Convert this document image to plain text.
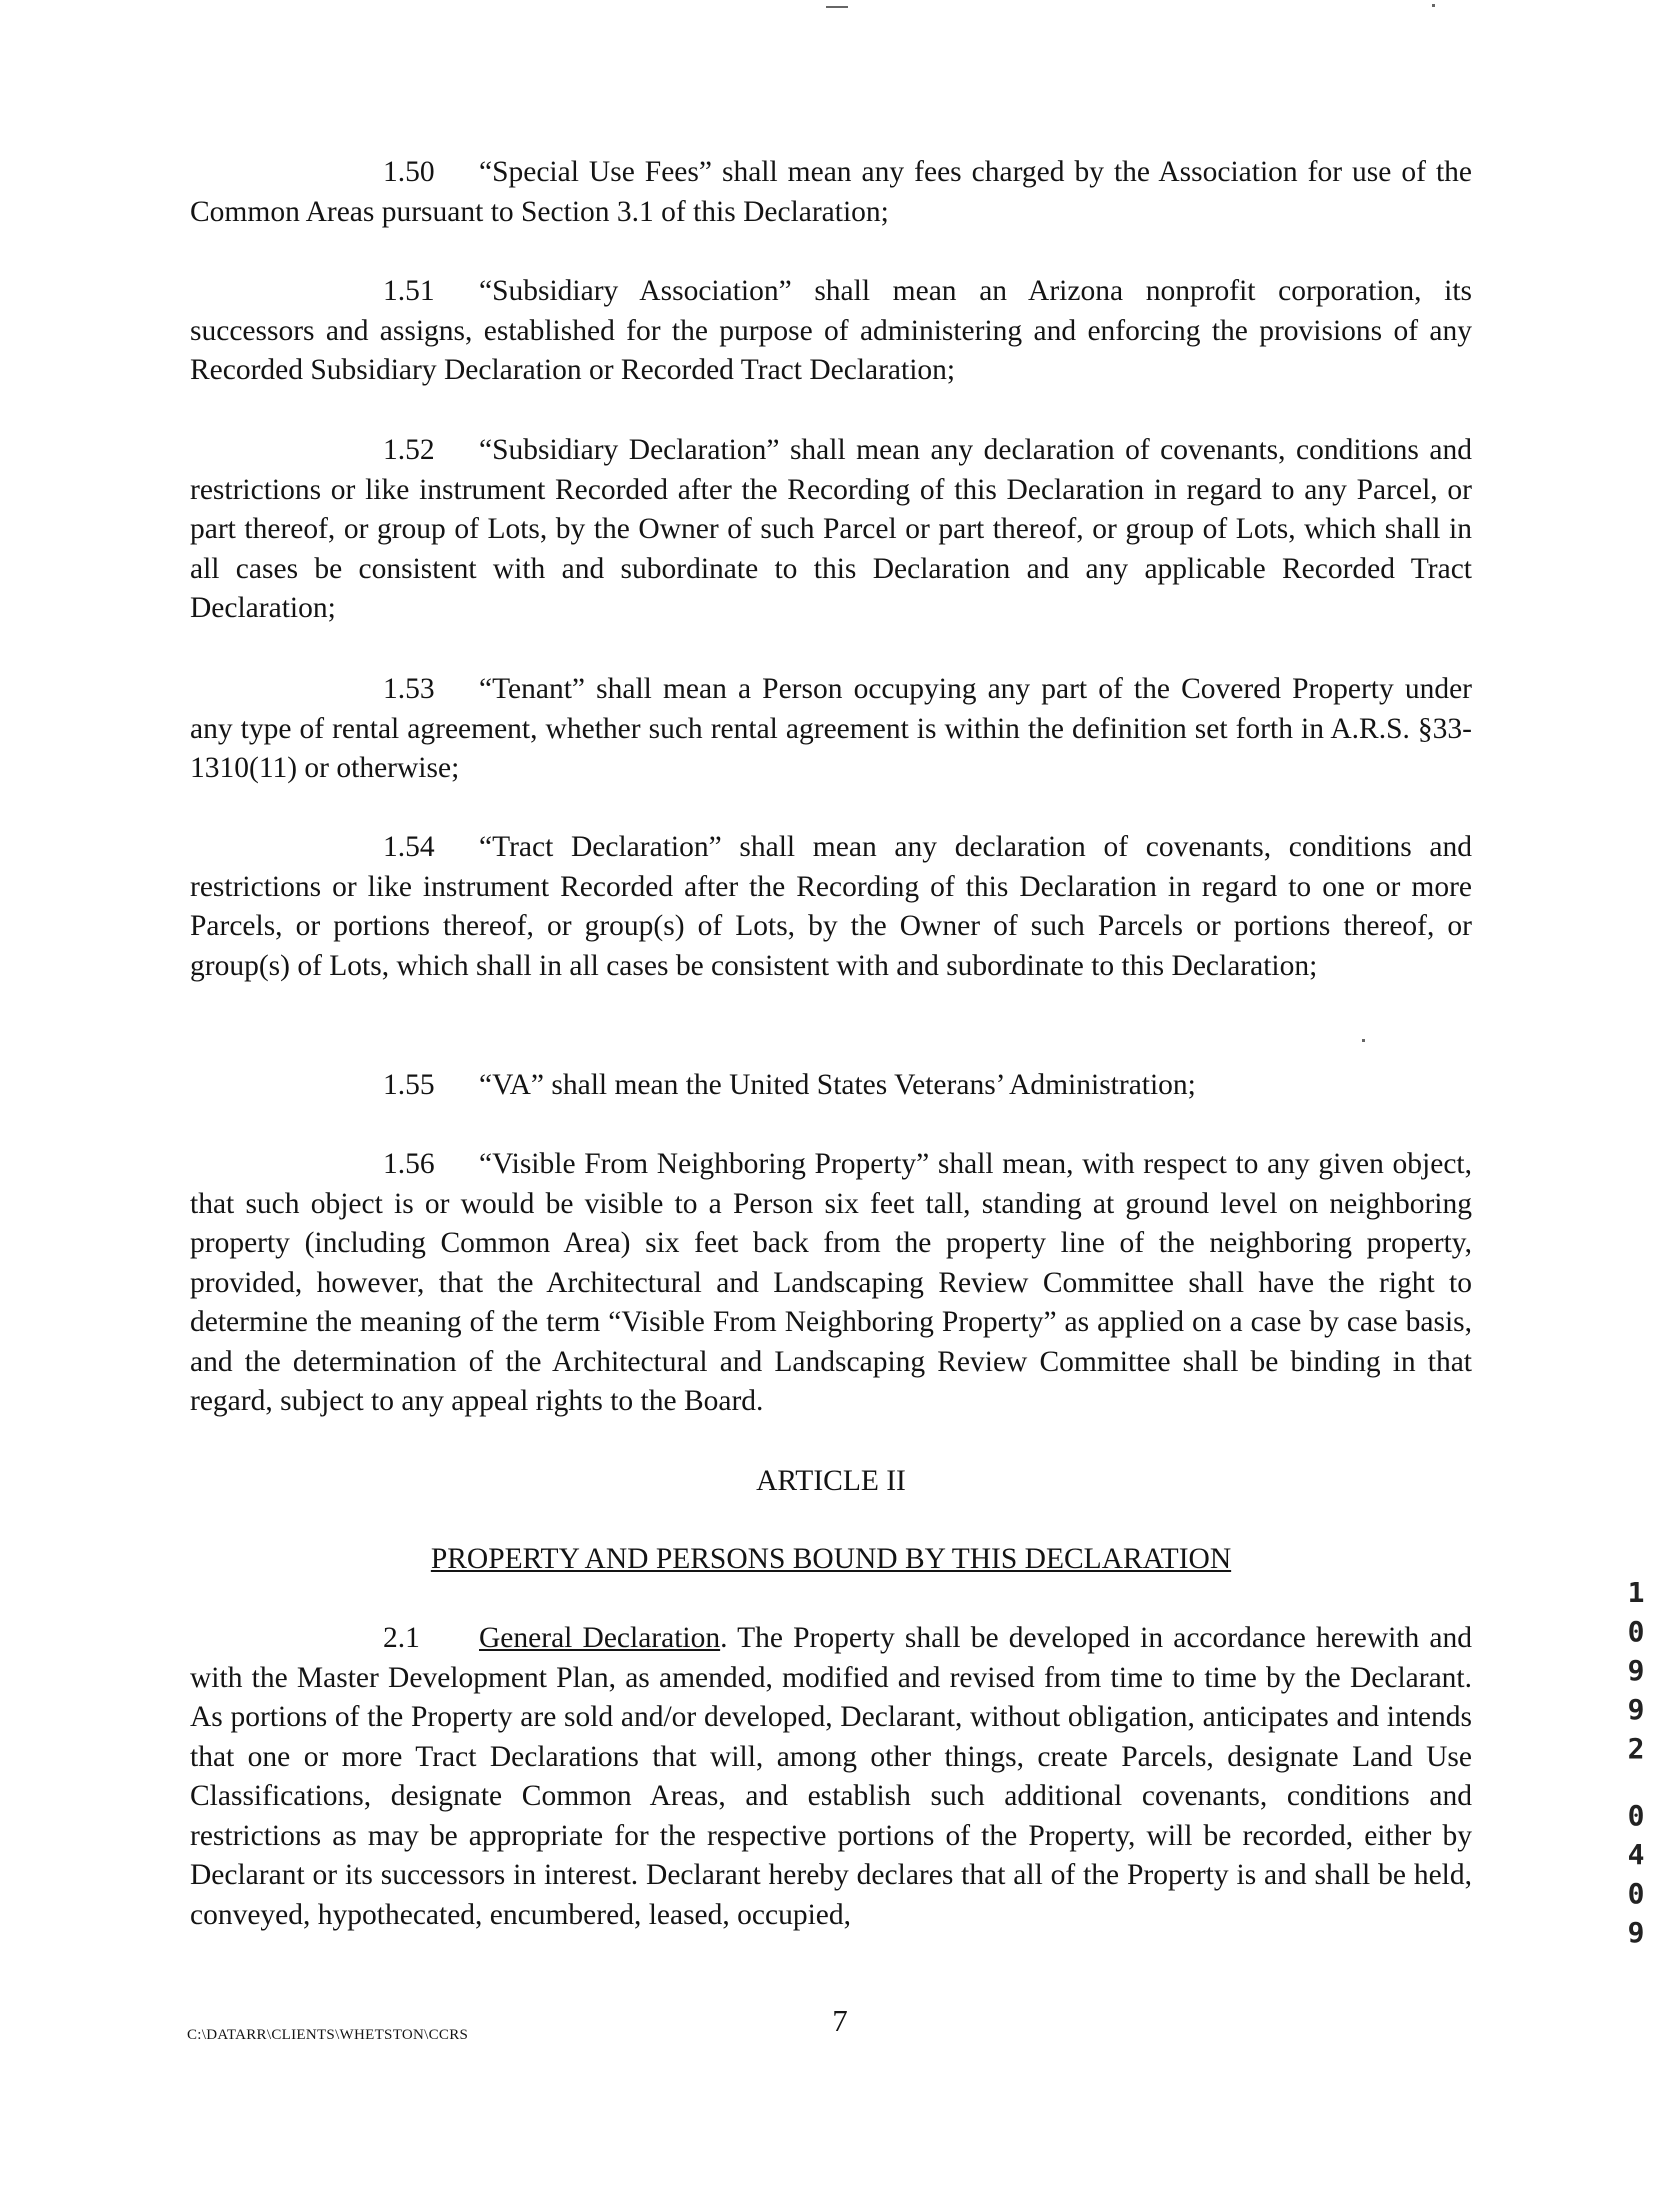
1.50 “Special Use Fees” shall mean any fees charged by the Association for use of the Common Areas pursuant to Section 3.1 of this Declaration;
1.51 “Subsidiary Association” shall mean an Arizona nonprofit corporation, its successors and assigns, established for the purpose of administering and enforcing the provisions of any Recorded Subsidiary Declaration or Recorded Tract Declaration;
1.52 “Subsidiary Declaration” shall mean any declaration of covenants, conditions and restrictions or like instrument Recorded after the Recording of this Declaration in regard to any Parcel, or part thereof, or group of Lots, by the Owner of such Parcel or part thereof, or group of Lots, which shall in all cases be consistent with and subordinate to this Declaration and any applicable Recorded Tract Declaration;
1.53 “Tenant” shall mean a Person occupying any part of the Covered Property under any type of rental agreement, whether such rental agreement is within the definition set forth in A.R.S. §33-1310(11) or otherwise;
1.54 “Tract Declaration” shall mean any declaration of covenants, conditions and restrictions or like instrument Recorded after the Recording of this Declaration in regard to one or more Parcels, or portions thereof, or group(s) of Lots, by the Owner of such Parcels or portions thereof, or group(s) of Lots, which shall in all cases be consistent with and subordinate to this Declaration;
1.55 “VA” shall mean the United States Veterans’ Administration;
1.56 “Visible From Neighboring Property” shall mean, with respect to any given object, that such object is or would be visible to a Person six feet tall, standing at ground level on neighboring property (including Common Area) six feet back from the property line of the neighboring property, provided, however, that the Architectural and Landscaping Review Committee shall have the right to determine the meaning of the term “Visible From Neighboring Property” as applied on a case by case basis, and the determination of the Architectural and Landscaping Review Committee shall be binding in that regard, subject to any appeal rights to the Board.
ARTICLE II
PROPERTY AND PERSONS BOUND BY THIS DECLARATION
2.1 General Declaration. The Property shall be developed in accordance herewith and with the Master Development Plan, as amended, modified and revised from time to time by the Declarant. As portions of the Property are sold and/or developed, Declarant, without obligation, anticipates and intends that one or more Tract Declarations that will, among other things, create Parcels, designate Land Use Classifications, designate Common Areas, and establish such additional covenants, conditions and restrictions as may be appropriate for the respective portions of the Property, will be recorded, either by Declarant or its successors in interest. Declarant hereby declares that all of the Property is and shall be held, conveyed, hypothecated, encumbered, leased, occupied,
1
0
9
9
2
0
4
0
9
C:\DATARR\CLIENTS\WHETSTON\CCRS	7
